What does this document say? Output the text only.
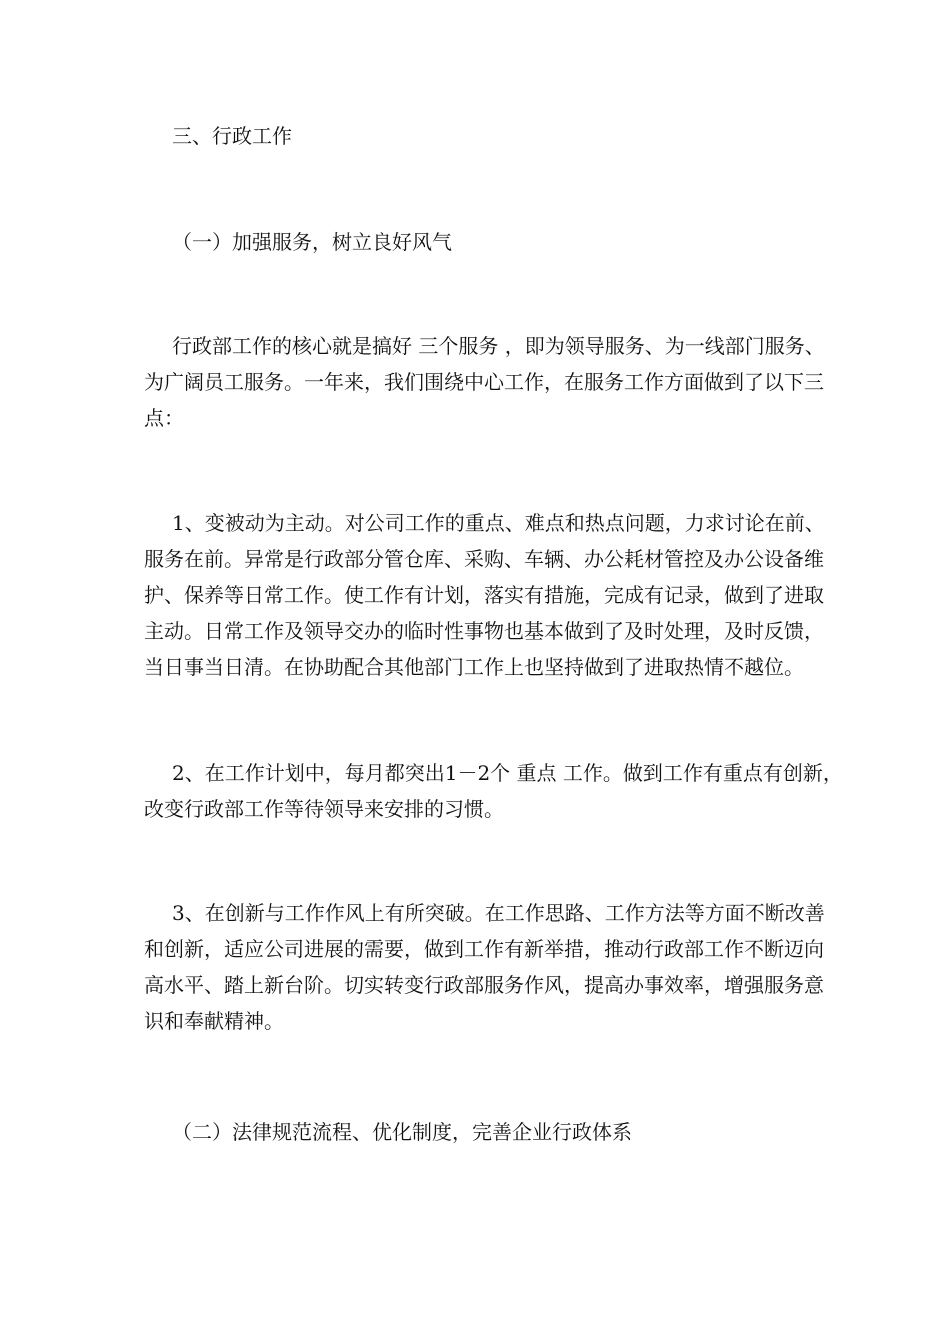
三、行政工作
（一）加强服务，树立良好风气
行政部工作的核心就是搞好 三个服务 ，即为领导服务、为一线部门服务、
为广阔员工服务。一年来，我们围绕中心工作，在服务工作方面做到了以下三
点：
1、变被动为主动。对公司工作的重点、难点和热点问题，力求讨论在前、
服务在前。异常是行政部分管仓库、采购、车辆、办公耗材管控及办公设备维
护、保养等日常工作。使工作有计划，落实有措施，完成有记录，做到了进取
主动。日常工作及领导交办的临时性事物也基本做到了及时处理，及时反馈，
当日事当日清。在协助配合其他部门工作上也坚持做到了进取热情不越位。
2、在工作计划中，每月都突出1－2个 重点 工作。做到工作有重点有创新，
改变行政部工作等待领导来安排的习惯。
3、在创新与工作作风上有所突破。在工作思路、工作方法等方面不断改善
和创新，适应公司进展的需要，做到工作有新举措，推动行政部工作不断迈向
高水平、踏上新台阶。切实转变行政部服务作风，提高办事效率，增强服务意
识和奉献精神。
（二）法律规范流程、优化制度，完善企业行政体系
